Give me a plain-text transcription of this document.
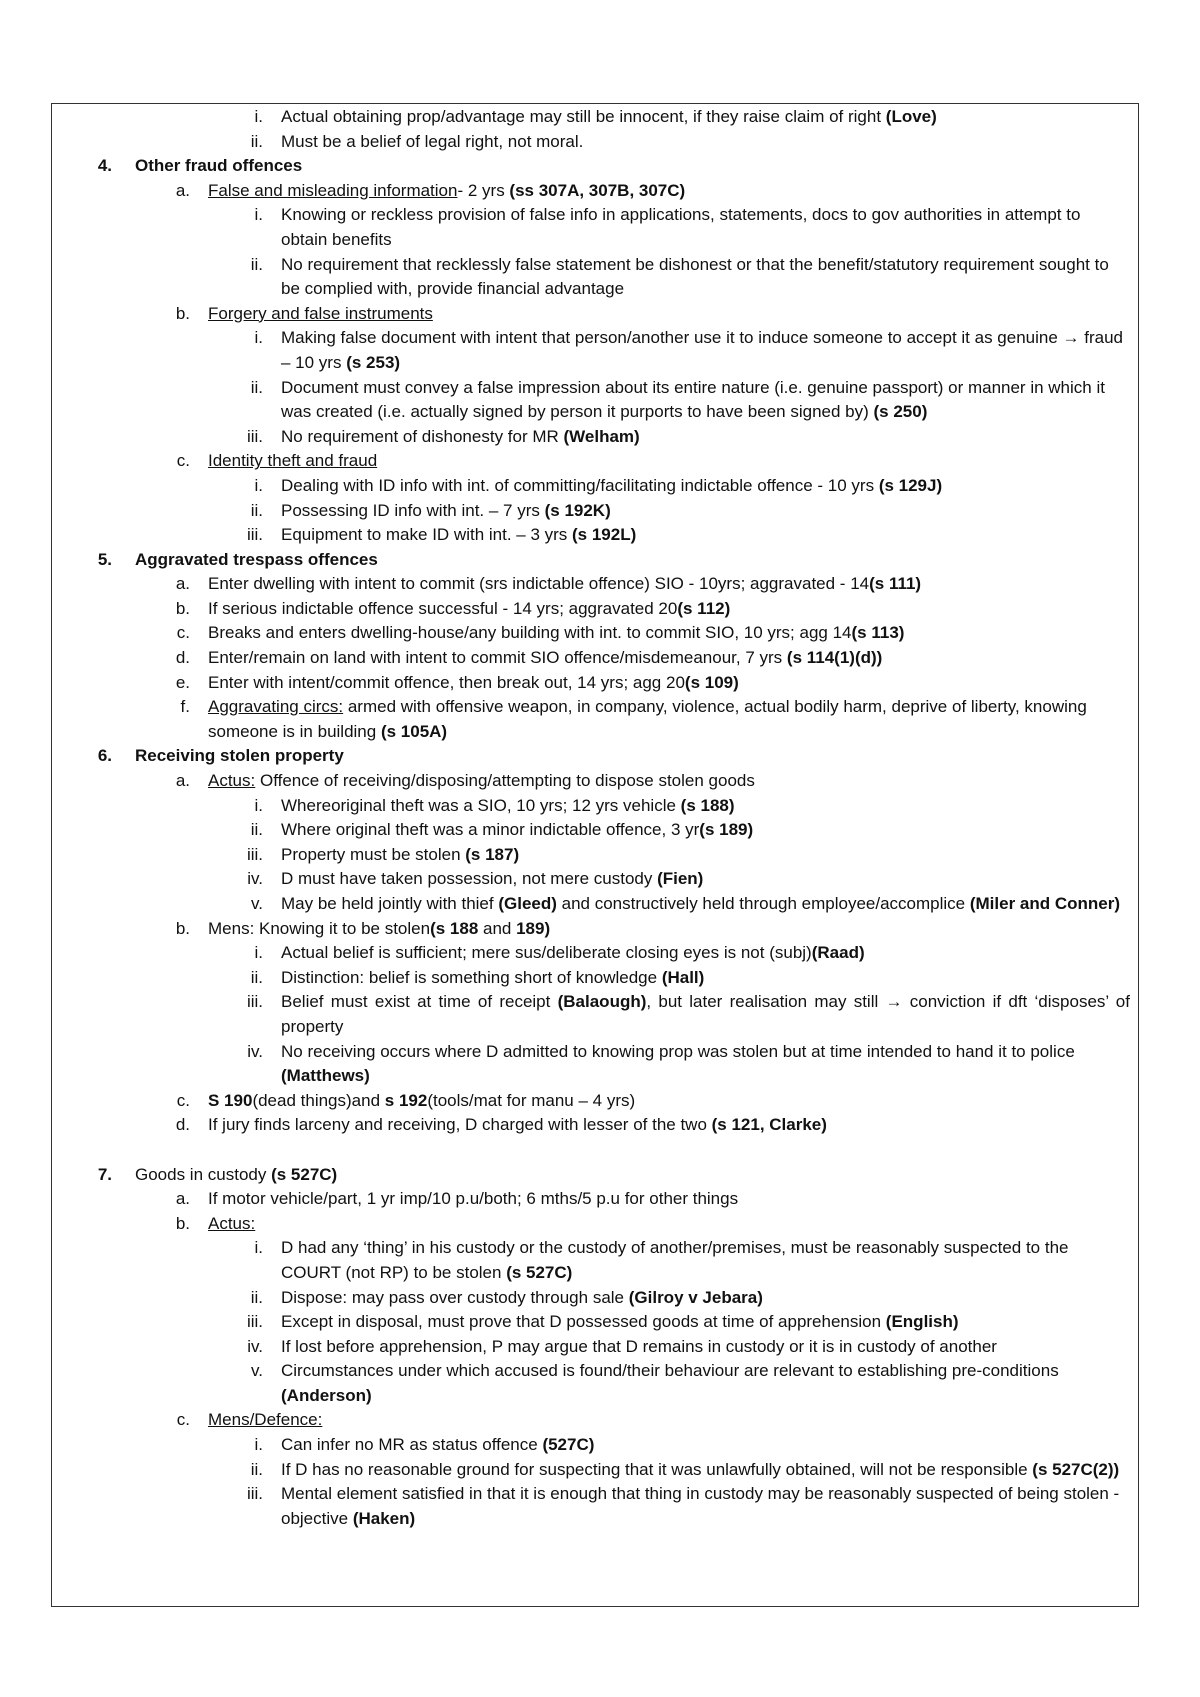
i. Actual obtaining prop/advantage may still be innocent, if they raise claim of right (Love)
ii. Must be a belief of legal right, not moral.
4. Other fraud offences
a. False and misleading information- 2 yrs (ss 307A, 307B, 307C)
i. Knowing or reckless provision of false info in applications, statements, docs to gov authorities in attempt to obtain benefits
ii. No requirement that recklessly false statement be dishonest or that the benefit/statutory requirement sought to be complied with, provide financial advantage
b. Forgery and false instruments
i. Making false document with intent that person/another use it to induce someone to accept it as genuine → fraud – 10 yrs (s 253)
ii. Document must convey a false impression about its entire nature (i.e. genuine passport) or manner in which it was created (i.e. actually signed by person it purports to have been signed by) (s 250)
iii. No requirement of dishonesty for MR (Welham)
c. Identity theft and fraud
i. Dealing with ID info with int. of committing/facilitating indictable offence - 10 yrs (s 129J)
ii. Possessing ID info with int. – 7 yrs (s 192K)
iii. Equipment to make ID with int. – 3 yrs (s 192L)
5. Aggravated trespass offences
a. Enter dwelling with intent to commit (srs indictable offence) SIO - 10yrs; aggravated - 14(s 111)
b. If serious indictable offence successful - 14 yrs; aggravated 20(s 112)
c. Breaks and enters dwelling-house/any building with int. to commit SIO, 10 yrs; agg 14(s 113)
d. Enter/remain on land with intent to commit SIO offence/misdemeanour, 7 yrs (s 114(1)(d))
e. Enter with intent/commit offence, then break out, 14 yrs; agg 20(s 109)
f. Aggravating circs: armed with offensive weapon, in company, violence, actual bodily harm, deprive of liberty, knowing someone is in building (s 105A)
6. Receiving stolen property
a. Actus: Offence of receiving/disposing/attempting to dispose stolen goods
i. Whereoriginal theft was a SIO, 10 yrs; 12 yrs vehicle (s 188)
ii. Where original theft was a minor indictable offence, 3 yr(s 189)
iii. Property must be stolen (s 187)
iv. D must have taken possession, not mere custody (Fien)
v. May be held jointly with thief (Gleed) and constructively held through employee/accomplice (Miler and Conner)
b. Mens: Knowing it to be stolen(s 188 and 189)
i. Actual belief is sufficient; mere sus/deliberate closing eyes is not (subj)(Raad)
ii. Distinction: belief is something short of knowledge (Hall)
iii. Belief must exist at time of receipt (Balaough), but later realisation may still → conviction if dft ‘disposes’ of property
iv. No receiving occurs where D admitted to knowing prop was stolen but at time intended to hand it to police (Matthews)
c. S 190(dead things)and s 192(tools/mat for manu – 4 yrs)
d. If jury finds larceny and receiving, D charged with lesser of the two (s 121, Clarke)
7. Goods in custody (s 527C)
a. If motor vehicle/part, 1 yr imp/10 p.u/both; 6 mths/5 p.u for other things
b. Actus:
i. D had any ‘thing’ in his custody or the custody of another/premises, must be reasonably suspected to the COURT (not RP) to be stolen (s 527C)
ii. Dispose: may pass over custody through sale (Gilroy v Jebara)
iii. Except in disposal, must prove that D possessed goods at time of apprehension (English)
iv. If lost before apprehension, P may argue that D remains in custody or it is in custody of another
v. Circumstances under which accused is found/their behaviour are relevant to establishing pre-conditions (Anderson)
c. Mens/Defence:
i. Can infer no MR as status offence (527C)
ii. If D has no reasonable ground for suspecting that it was unlawfully obtained, will not be responsible (s 527C(2))
iii. Mental element satisfied in that it is enough that thing in custody may be reasonably suspected of being stolen - objective (Haken)
